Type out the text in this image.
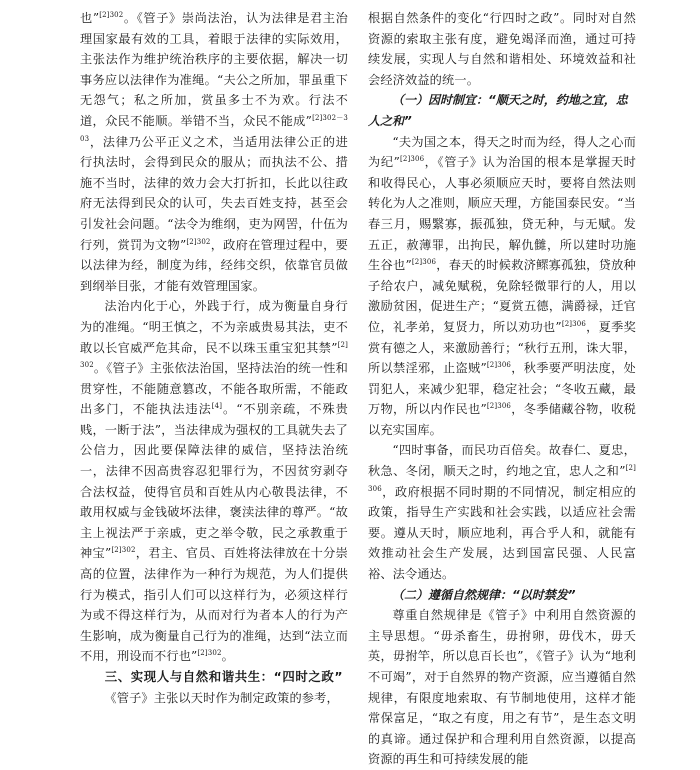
也”$^{[2]302}$。《管子》崇尚法治，认为法律是君主治理国家最有效的工具，着眼于法律的实际效用，主张法作为维护统治秩序的主要依据，解决一切事务应以法律作为准绳。“夫公之所加，罪虽重下无怨气；私之所加，赏虽多士不为欢。行法不道，众民不能顺。举错不当，众民不能成”$^{[2]302-303}$，法律乃公平正义之术，当适用法律公正的进行执法时，会得到民众的服从；而执法不公、措施不当时，法律的效力会大打折扣，长此以往政府无法得到民众的认可，失去百姓支持，甚至会引发社会问题。“法令为维纲，吏为网罟，什伍为行列，赏罚为文物”$^{[2]302}$，政府在管理过程中，要以法律为经，制度为纬，经纬交织，依靠官员做到纲举目张，才能有效管理国家。

法治内化于心，外践于行，成为衡量自身行为的准绳。“明王慎之，不为亲戚贵易其法，吏不敢以长官威严危其命，民不以珠玉重宝犯其禁”$^{[2]302}$。《管子》主张依法治国，坚持法治的统一性和贯穿性，不能随意篡改，不能各取所需，不能政出多门，不能执法违法[4]。“不别亲疏，不殊贵贱，一断于法”，当法律成为强权的工具就失去了公信力，因此要保障法律的威信，坚持法治统一，法律不因高贵容忍犯罪行为，不因贫穷剥夺合法权益，使得官员和百姓从内心敬畏法律，不敢用权威与金钱破坏法律，褒渎法律的尊严。“故主上视法严于亲戚，吏之举令敬，民之承教重于神宝”$^{[2]302}$，君主、官员、百姓将法律放在十分崇高的位置，法律作为一种行为规范，为人们提供行为模式，指引人们可以这样行为，必须这样行为或不得这样行为，从而对行为者本人的行为产生影响，成为衡量自己行为的准绳，达到“法立而不用，刑设而不行也”$^{[2]302}$。

三、实现人与自然和谐共生：“四时之政”

《管子》主张以天时作为制定政策的参考，

根据自然条件的变化“行四时之政”。同时对自然资源的索取主张有度，避免竭泽而渔，通过可持续发展，实现人与自然和谐相处、环境效益和社会经济效益的统一。

（一）因时制宜：“顺天之时，约地之宜，忠人之和”

“夫为国之本，得天之时而为经，得人之心而为纪”$^{[2]306}$，《管子》认为治国的根本是掌握天时和收得民心，人事必须顺应天时，要将自然法则转化为人之准则，顺应天理，方能国泰民安。“当春三月，赐繄寡，振孤独，贷无种，与无赋。发五正，赦薄罪，出拘民，解仇雠，所以建时功施生谷也”$^{[2]306}$，春天的时候救济鳏寡孤独，贷放种子给农户，减免赋税，免除轻微罪行的人，用以激励贫困，促进生产；“夏赏五德，满爵禄，迁官位，礼孝弟，复贤力，所以劝功也”$^{[2]306}$，夏季奖赏有德之人，来激励善行；“秋行五刑，诛大罪，所以禁淫邪，止盗贼”$^{[2]306}$，秋季要严明法度，处罚犯人，来减少犯罪，稳定社会；“冬收五藏，最万物，所以内作民也”$^{[2]306}$，冬季储藏谷物，收税以充实国库。

“四时事备，而民功百倍矣。故春仁、夏忠，秋急、冬闭，顺天之时，约地之宜，忠人之和”$^{[2]306}$，政府根据不同时期的不同情况，制定相应的政策，指导生产实践和社会实践，以适应社会需要。遵从天时，顺应地利，再合乎人和，就能有效推动社会生产发展，达到国富民强、人民富裕、法令通达。

（二）遵循自然规律：“以时禁发”

尊重自然规律是《管子》中利用自然资源的主导思想。“毋杀畜生，毋拊卵，毋伐木，毋夭英，毋拊竿，所以息百长也”，《管子》认为“地利不可竭”，对于自然界的物产资源，应当遵循自然规律，有限度地索取、有节制地使用，这样才能常保富足，“取之有度，用之有节”，是生态文明的真谛。通过保护和合理利用自然资源，以提高资源的再生和可持续发展的能
